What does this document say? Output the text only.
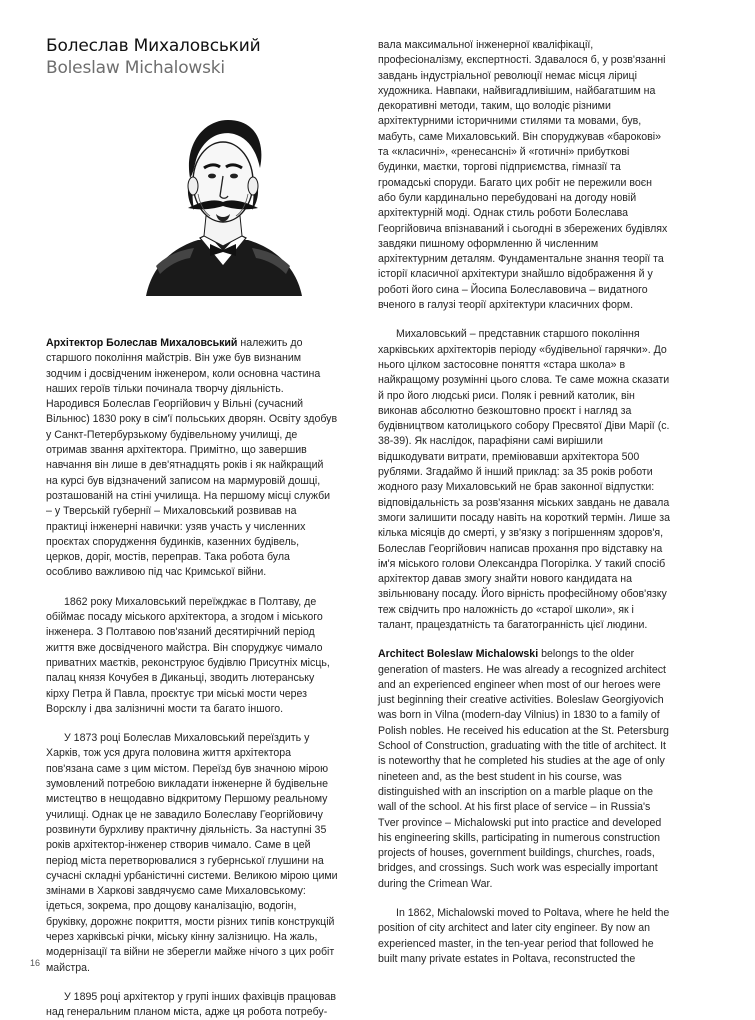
Болеслав Михаловський
Boleslaw Michalowski

Архітектор Болеслав Михаловський належить до старшого покоління майстрів. Він уже був визнаним зодчим і досвідченим інженером, коли основна частина наших героїв тільки починала творчу діяльність. Народився Болеслав Георгійович у Вільні (сучасний Вільнюс) 1830 року в сім'ї польських дворян. Освіту здобув у Санкт-Петербурзькому будівельному училищі, де отримав звання архітектора. Примітно, що завершив навчання він лише в дев'ятнадцять років і як найкращий на курсі був відзначений записом на мармуровій дошці, розташованій на стіні училища. На першому місці служби – у Тверській губернії – Михаловський розвивав на практиці інженерні навички: узяв участь у численних проєктах спорудження будинків, казенних будівель, церков, доріг, мостів, переправ. Така робота була особливо важливою під час Кримської війни.

1862 року Михаловський переїжджає в Полтаву, де обіймає посаду міського архітектора, а згодом і міського інженера. З Полтавою пов'язаний десятирічний період життя вже досвідченого майстра. Він споруджує чимало приватних маєтків, реконструює будівлю Присутніх місць, палац князя Кочубея в Диканьці, зводить лютеранську кірху Петра й Павла, проєктує три міські мости через Ворсклу і два залізничні мости та багато іншого.

У 1873 році Болеслав Михаловський переїздить у Харків, тож уся друга половина життя архітектора пов'язана саме з цим містом. Переїзд був значною мірою зумовлений потребою викладати інженерне й будівельне мистецтво в нещодавно відкритому Першому реальному училищі. Однак це не завадило Болеславу Георгійовичу розвинути бурхливу практичну діяльність. За наступні 35 років архітектор-інженер створив чимало. Саме в цей період міста перетворювалися з губернської глушини на сучасні складні урбаністичні системи. Великою мірою цими змінами в Харкові завдячуємо саме Михаловському: ідеться, зокрема, про дощову каналізацію, водогін, бруківку, дорожнє покриття, мости різних типів конструкцій через харківські річки, міську кінну залізницю. На жаль, модернізації та війни не зберегли майже нічого з цих робіт майстра.

У 1895 році архітектор у групі інших фахівців працював над генеральним планом міста, адже ця робота потребу-

вала максимальної інженерної кваліфікації, професіоналізму, експертності. Здавалося б, у розв'язанні завдань індустріальної революції немає місця ліриці художника. Навпаки, найвигадливішим, найбагатшим на декоративні методи, таким, що володіє різними архітектурними історичними стилями та мовами, був, мабуть, саме Михаловський. Він споруджував «барокові» та «класичні», «ренесансні» й «готичні» прибуткові будинки, маєтки, торгові підприємства, гімназії та громадські споруди. Багато цих робіт не пережили воєн або були кардинально перебудовані на догоду новій архітектурній моді. Однак стиль роботи Болеслава Георгійовича впізнаваний і сьогодні в збережених будівлях завдяки пишному оформленню й численним архітектурним деталям. Фундаментальне знання теорії та історії класичної архітектури знайшло відображення й у роботі його сина – Йосипа Болеславовича – видатного вченого в галузі теорії архітектури класичних форм.

Михаловський – представник старшого покоління харківських архітекторів періоду «будівельної гарячки». До нього цілком застосовне поняття «стара школа» в найкращому розумінні цього слова. Те саме можна сказати й про його людські риси. Поляк і ревний католик, він виконав абсолютно безкоштовно проєкт і нагляд за будівництвом католицького собору Пресвятої Діви Марії (с. 38-39). Як наслідок, парафіяни самі вирішили відшкодувати витрати, преміювавши архітектора 500 рублями. Згадаймо й інший приклад: за 35 років роботи жодного разу Михаловський не брав законної відпустки: відповідальність за розв'язання міських завдань не давала змоги залишити посаду навіть на короткий термін. Лише за кілька місяців до смерті, у зв'язку з погіршенням здоров'я, Болеслав Георгійович написав прохання про відставку на ім'я міського голови Олександра Погорілка. У такий спосіб архітектор давав змогу знайти нового кандидата на звільнювану посаду. Його вірність професійному обов'язку теж свідчить про наложність до «старої школи», як і талант, працездатність та багатогранність цієї людини.

Architect Boleslaw Michalowski belongs to the older generation of masters. He was already a recognized architect and an experienced engineer when most of our heroes were just beginning their creative activities. Boleslaw Georgiyovich was born in Vilna (modern-day Vilnius) in 1830 to a family of Polish nobles. He received his education at the St. Petersburg School of Construction, graduating with the title of architect. It is noteworthy that he completed his studies at the age of only nineteen and, as the best student in his course, was distinguished with an inscription on a marble plaque on the wall of the school. At his first place of service – in Russia's Tver province – Michalowski put into practice and developed his engineering skills, participating in numerous construction projects of houses, government buildings, churches, roads, bridges, and crossings. Such work was especially important during the Crimean War.

In 1862, Michalowski moved to Poltava, where he held the position of city architect and later city engineer. By now an experienced master, in the ten-year period that followed he built many private estates in Poltava, reconstructed the

16
